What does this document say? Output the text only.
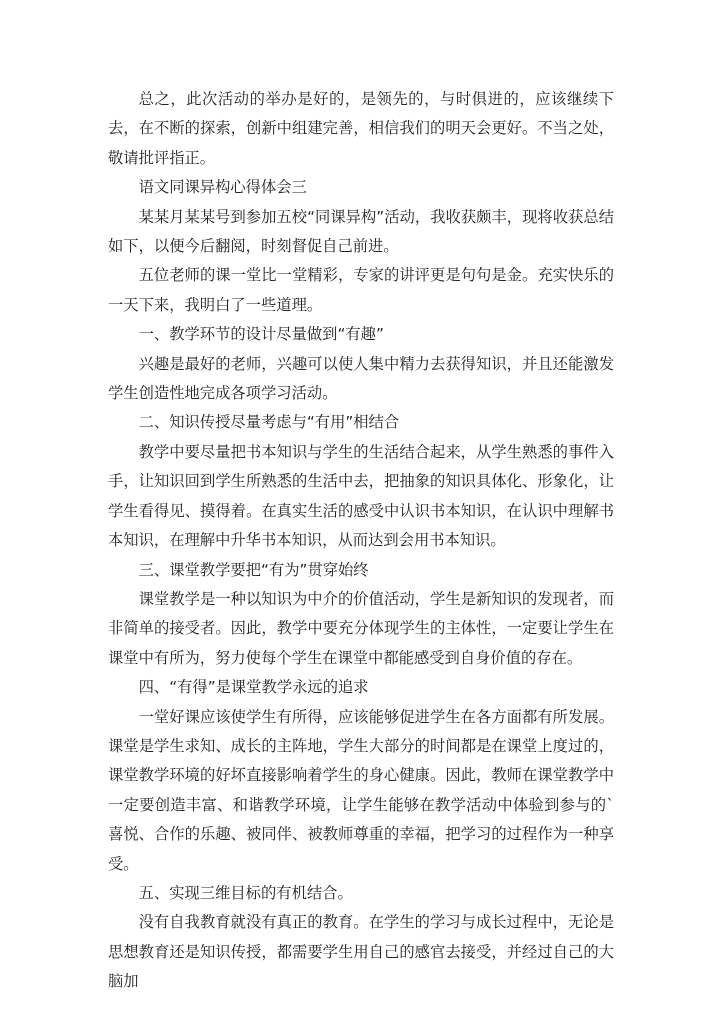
总之，此次活动的举办是好的，是领先的，与时俱进的，应该继续下去，在不断的探索，创新中组建完善，相信我们的明天会更好。不当之处，敬请批评指正。

语文同课异构心得体会三

某某月某某号到参加五校“同课异构”活动，我收获颇丰，现将收获总结如下，以便今后翻阅，时刻督促自己前进。

五位老师的课一堂比一堂精彩，专家的讲评更是句句是金。充实快乐的一天下来，我明白了一些道理。

一、教学环节的设计尽量做到“有趣”

兴趣是最好的老师，兴趣可以使人集中精力去获得知识，并且还能激发学生创造性地完成各项学习活动。

二、知识传授尽量考虑与“有用”相结合

教学中要尽量把书本知识与学生的生活结合起来，从学生熟悉的事件入手，让知识回到学生所熟悉的生活中去，把抽象的知识具体化、形象化，让学生看得见、摸得着。在真实生活的感受中认识书本知识，在认识中理解书本知识，在理解中升华书本知识，从而达到会用书本知识。

三、课堂教学要把“有为”贯穿始终

课堂教学是一种以知识为中介的价值活动，学生是新知识的发现者，而非简单的接受者。因此，教学中要充分体现学生的主体性，一定要让学生在课堂中有所为，努力使每个学生在课堂中都能感受到自身价值的存在。

四、“有得”是课堂教学永远的追求

一堂好课应该使学生有所得，应该能够促进学生在各方面都有所发展。课堂是学生求知、成长的主阵地，学生大部分的时间都是在课堂上度过的，课堂教学环境的好坏直接影响着学生的身心健康。因此，教师在课堂教学中一定要创造丰富、和谐教学环境，让学生能够在教学活动中体验到参与的`喜悦、合作的乐趣、被同伴、被教师尊重的幸福，把学习的过程作为一种享受。

五、实现三维目标的有机结合。

没有自我教育就没有真正的教育。在学生的学习与成长过程中，无论是思想教育还是知识传授，都需要学生用自己的感官去接受，并经过自己的大脑加
